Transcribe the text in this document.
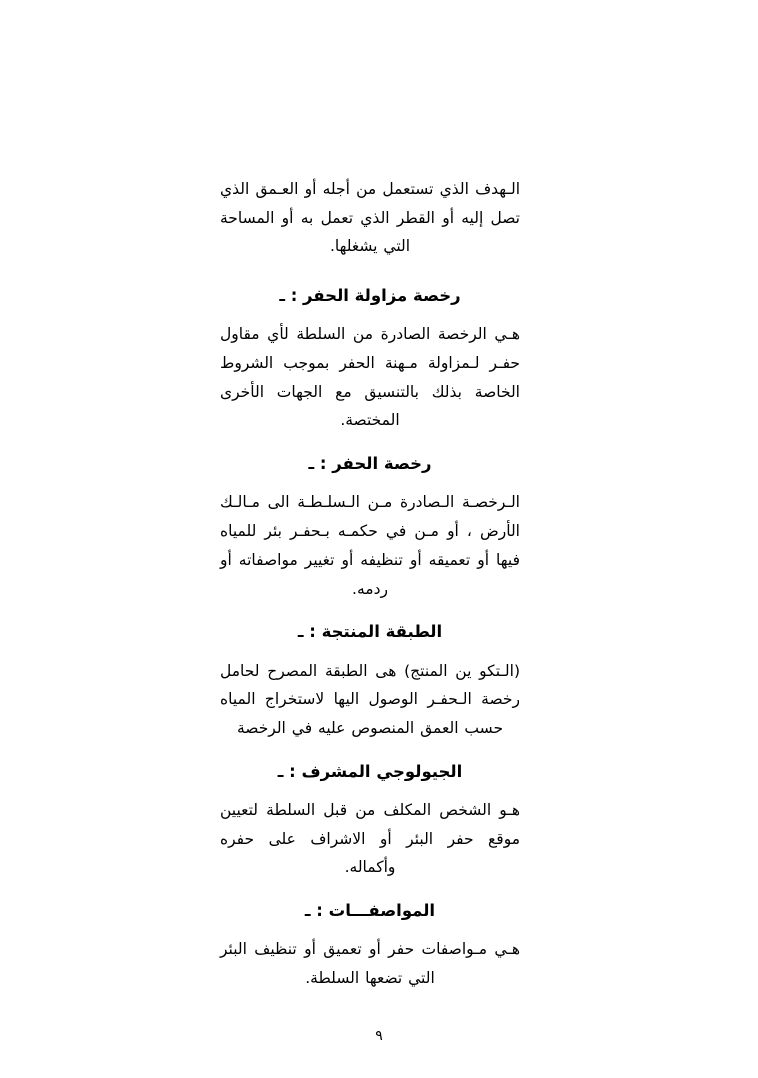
الـهدف الذي تستعمل من أجله أو العـمق الذي تصل إليه أو القطر الذي تعمل به أو المساحة التي يشغلها.

رخصة مزاولة الحفر : ـ

هـي الرخصة الصادرة من السلطة لأي مقاول حفـر لـمزاولة مـهنة الحفر بموجب الشروط الخاصة بذلك بالتنسيق مع الجهات الأخرى المختصة.

رخصة الحفر : ـ

الـرخصـة الـصادرة مـن الـسلـطـة الى مـالـك الأرض ، أو مـن في حكمـه بـحفـر بئر للمياه فيها أو تعميقه أو تنظيفه أو تغيير مواصفاته أو ردمه.

الطبقة المنتجة : ـ

(الـتكو ين المنتج) هى الطبقة المصرح لحامل رخصة الـحفـر الوصول اليها لاستخراج المياه حسب العمق المنصوص عليه في الرخصة

الجيولوجي المشرف : ـ

هـو الشخص المكلف من قبل السلطة لتعيين موقع حفر البئر أو الاشراف على حفره وأكماله.

المواصفـــات : ـ

هـي مـواصفات حفر أو تعميق أو تنظيف البئر التي تضعها السلطة.

٩
